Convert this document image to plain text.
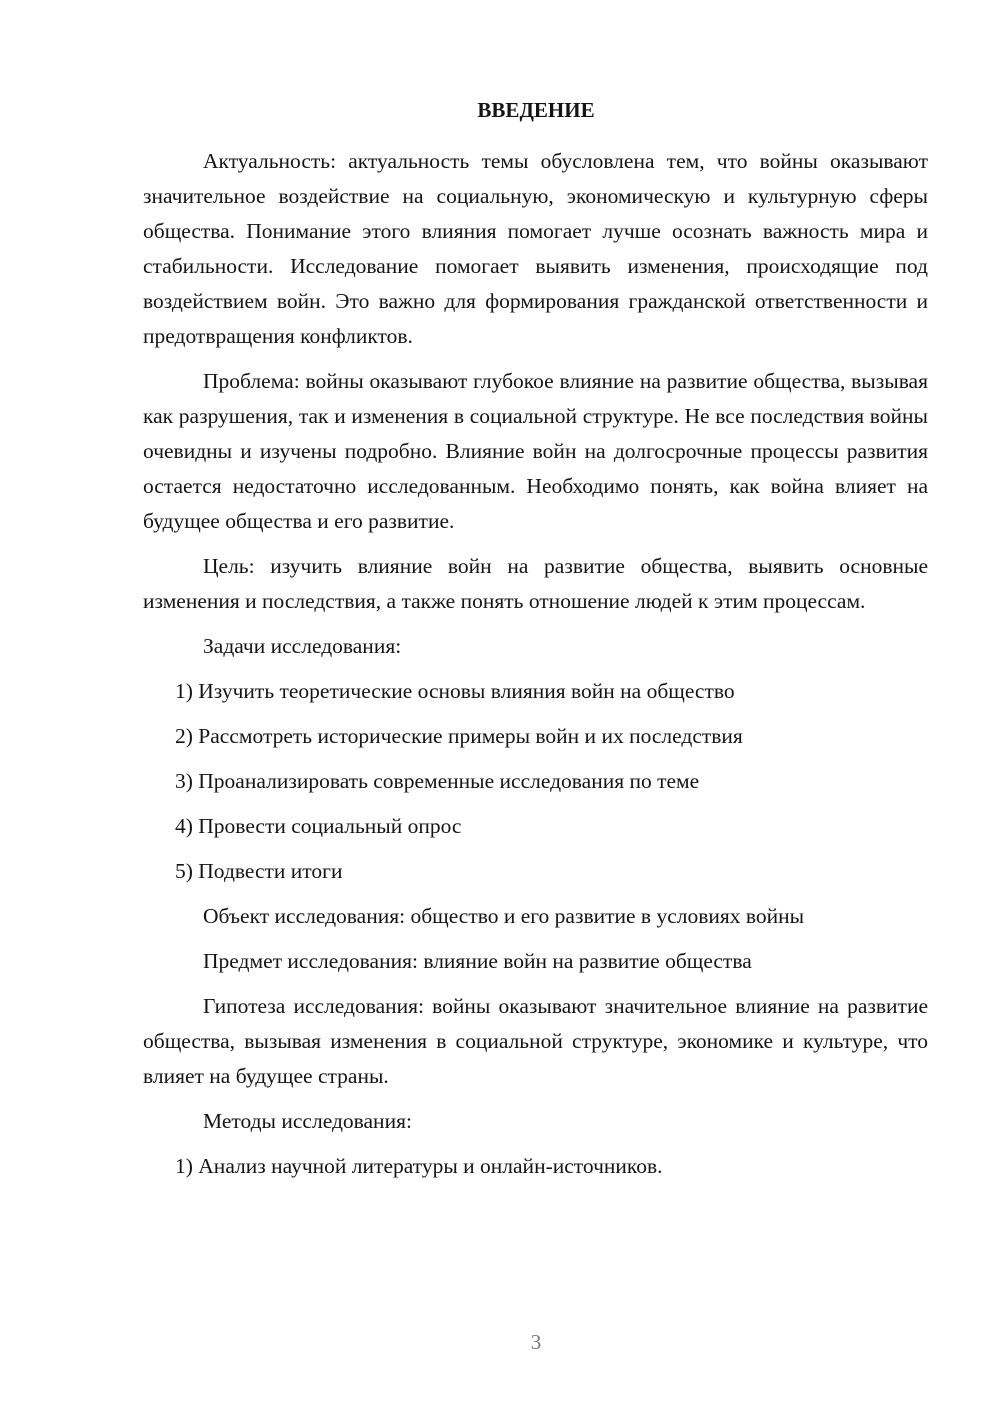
ВВЕДЕНИЕ

Актуальность: актуальность темы обусловлена тем, что войны оказывают значительное воздействие на социальную, экономическую и культурную сферы общества. Понимание этого влияния помогает лучше осознать важность мира и стабильности. Исследование помогает выявить изменения, происходящие под воздействием войн. Это важно для формирования гражданской ответственности и предотвращения конфликтов.

Проблема: войны оказывают глубокое влияние на развитие общества, вызывая как разрушения, так и изменения в социальной структуре. Не все последствия войны очевидны и изучены подробно. Влияние войн на долгосрочные процессы развития остается недостаточно исследованным. Необходимо понять, как война влияет на будущее общества и его развитие.

Цель: изучить влияние войн на развитие общества, выявить основные изменения и последствия, а также понять отношение людей к этим процессам.

Задачи исследования:

1) Изучить теоретические основы влияния войн на общество
2) Рассмотреть исторические примеры войн и их последствия
3) Проанализировать современные исследования по теме
4) Провести социальный опрос
5) Подвести итоги

Объект исследования: общество и его развитие в условиях войны

Предмет исследования: влияние войн на развитие общества

Гипотеза исследования: войны оказывают значительное влияние на развитие общества, вызывая изменения в социальной структуре, экономике и культуре, что влияет на будущее страны.

Методы исследования:

1) Анализ научной литературы и онлайн-источников.
3
